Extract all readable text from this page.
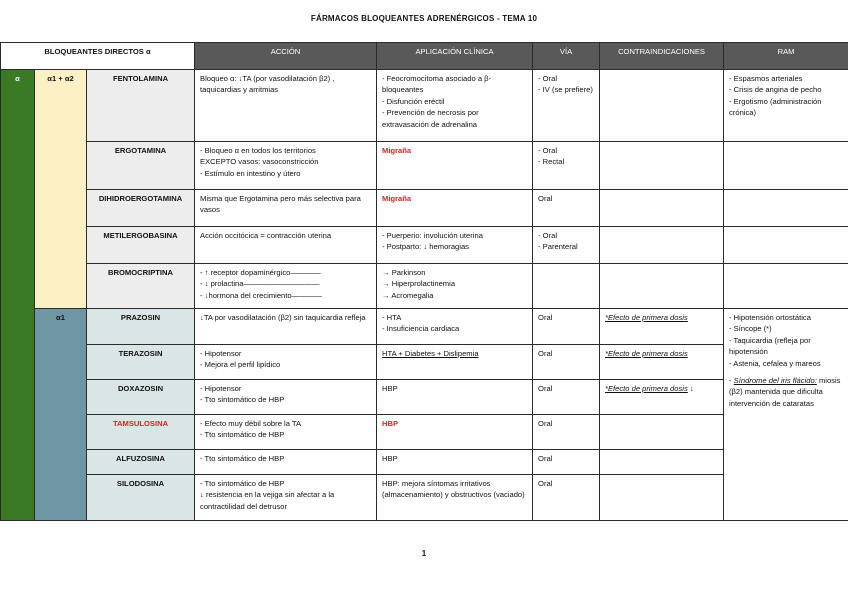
FÁRMACOS BLOQUEANTES ADRENÉRGICOS - TEMA 10
BLOQUEANTES DIRECTOS α			ACCIÓN	APLICACIÓN CLÍNICA	VÍA	CONTRAINDICACIONES	RAM
α	α1 + α2	FENTOLAMINA	Bloqueo α: ↓TA (por vasodilatación β2) , taquicardias y arritmias	- Feocromocitoma asociado a β-bloqueantes
- Disfunción eréctil
- Prevención de necrosis por extravasación de adrenalina	- Oral
- IV (se prefiere)		- Espasmos arteriales
- Crisis de angina de pecho
- Ergotismo (administración crónica)

		ERGOTAMINA	- Bloqueo α en todos los territorios
EXCEPTO vasos: vasoconstricción
- Estímulo en intestino y útero	Migraña	- Oral
- Rectal		

		DIHIDROERGOTAMINA	Misma que Ergotamina pero más selectiva para vasos	Migraña	Oral		

		METILERGOBASINA	Acción occitócica = contracción uterina	- Puerperio: involución uterina
- Postparto: ↓ hemoragias	- Oral
- Parenteral		

		BROMOCRIPTINA	- ↑ receptor dopaminérgico————
- ↓ prolactina——————————
- ↓hormona del crecimiento————	→ Parkinson
→ Hiperprolactinemia
→ Acromegalia			

	α1	PRAZOSIN	↓TA por vasodilatación (β2) sin taquicardia refleja	- HTA
- Insuficiencia cardiaca	Oral	*Efecto de primera dosis	- Hipotensión ortostática
- Síncope (*)
- Taquicardia (refleja por hipotensión
- Astenia, cefalea y mareos
- Síndrome del iris flácido: miosis (β2) mantenida que dificulta intervención de cataratas

		TERAZOSIN	- Hipotensor
- Mejora el perfil lipídico	HTA + Diabetes + Dislipemia	Oral	*Efecto de primera dosis	
		DOXAZOSIN	- Hipotensor
- Tto sintomático de HBP	HBP	Oral	*Efecto de primera dosis ↓	
		TAMSULOSINA	- Efecto muy débil sobre la TA
- Tto sintomático de HBP	HBP	Oral		

		ALFUZOSINA	- Tto sintomático de HBP	HBP	Oral		

		SILODOSINA	- Tto sintomático de HBP
↓ resistencia en la vejiga sin afectar a la contractilidad del detrusor	HBP: mejora síntomas irritativos (almacenamiento) y obstructivos (vaciado)	Oral		

1
